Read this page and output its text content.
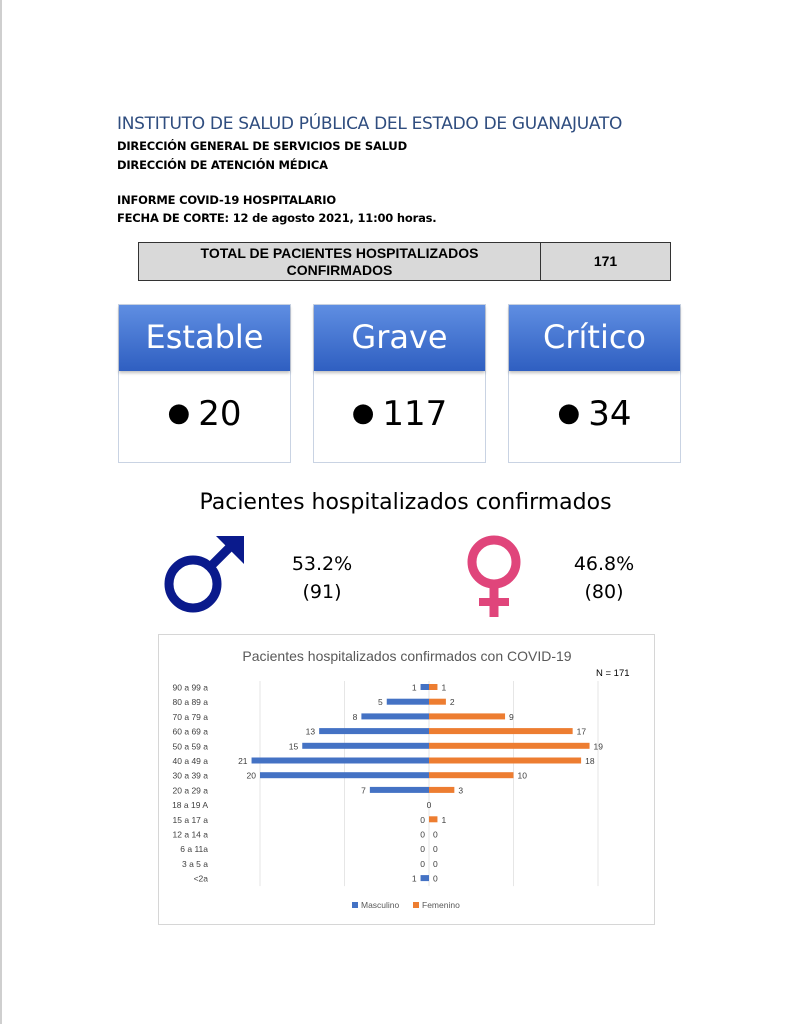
INSTITUTO DE SALUD PÚBLICA DEL ESTADO DE GUANAJUATO
DIRECCIÓN GENERAL DE SERVICIOS DE SALUD
DIRECCIÓN DE ATENCIÓN MÉDICA
INFORME COVID-19 HOSPITALARIO
FECHA DE CORTE: 12 de agosto 2021, 11:00 horas.
TOTAL DE PACIENTES HOSPITALIZADOS
CONFIRMADOS
171
Estable
● 20
Grave
● 117
Crítico
● 34
Pacientes hospitalizados confirmados
53.2%
(91)
46.8%
(80)
Pacientes hospitalizados confirmados con COVID-19
N = 171
90 a 99 a	1	1
80 a 89 a	5	2
70 a 79 a	8	9
60 a 69 a	13	17
50 a 59 a	15	19
40 a 49 a	21	18
30 a 39 a	20	10
20 a 29 a	7	3
18 a 19 A	0
15 a 17 a	0 1
12 a 14 a	0 0
6 a 11a	0 0
3 a 5 a	0 0
<2a	1 0
Masculino	Femenino
